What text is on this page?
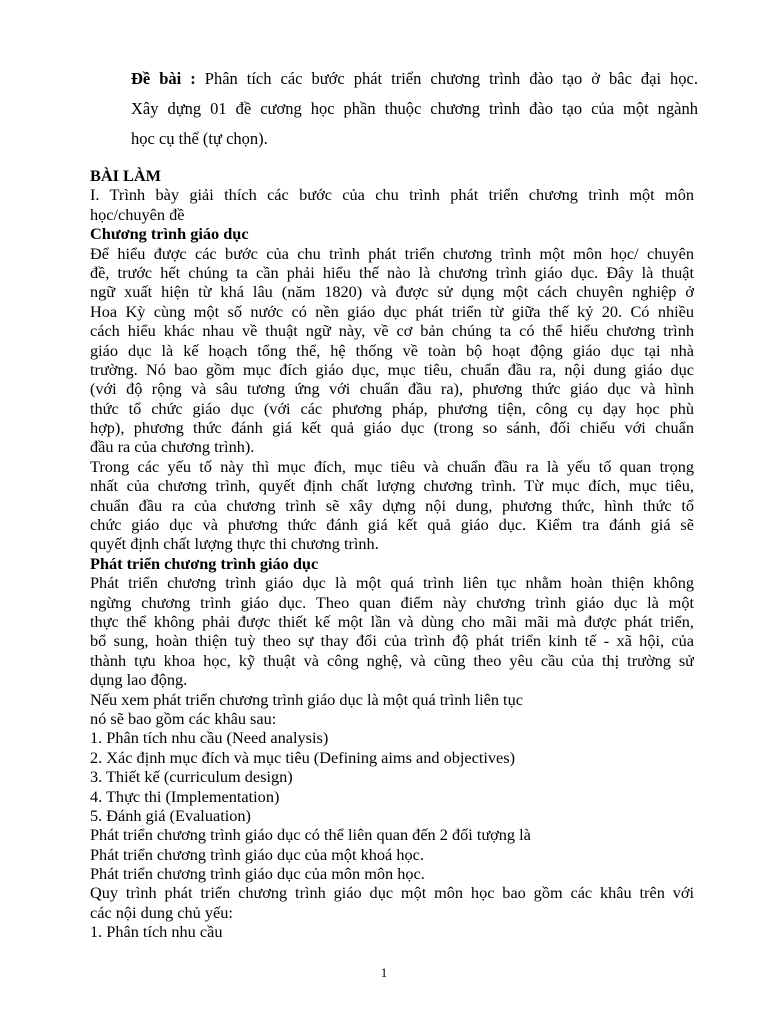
Đề bài : Phân tích các bước phát triển chương trình đào tạo ở bâc đại học.
Xây dựng 01 đề cương học phần thuộc chương trình đào tạo của một ngành
học cụ thể (tự chọn).
BÀI LÀM
I. Trình bày giải thích các bước của chu trình phát triển chương trình một môn
học/chuyên đề
Chương trình giáo dục
Để hiểu được các bước của chu trình phát triển chương trình một môn học/ chuyên
đề, trước hết chúng ta cần phải hiểu thế nào là chương trình giáo dục. Đây là thuật
ngữ xuất hiện từ khá lâu (năm 1820) và được sử dụng một cách chuyên nghiệp ở
Hoa Kỳ cùng một số nước có nền giáo dục phát triển từ giữa thế kỷ 20. Có nhiều
cách hiểu khác nhau về thuật ngữ này, về cơ bản chúng ta có thể hiểu chương trình
giáo dục là kế hoạch tổng thể, hệ thống về toàn bộ hoạt động giáo dục tại nhà
trường. Nó bao gồm mục đích giáo dục, mục tiêu, chuẩn đầu ra, nội dung giáo dục
(với độ rộng và sâu tương ứng với chuẩn đầu ra), phương thức giáo dục và hình
thức tổ chức giáo dục (với các phương pháp, phương tiện, công cụ dạy học phù
hợp), phương thức đánh giá kết quả giáo dục (trong so sánh, đối chiếu với chuẩn
đầu ra của chương trình).
Trong các yếu tố này thì mục đích, mục tiêu và chuẩn đầu ra là yếu tố quan trọng
nhất của chương trình, quyết định chất lượng chương trình. Từ mục đích, mục tiêu,
chuẩn đầu ra của chương trình sẽ xây dựng nội dung, phương thức, hình thức tổ
chức giáo dục và phương thức đánh giá kết quả giáo dục. Kiểm tra đánh giá sẽ
quyết định chất lượng thực thi chương trình.
Phát triển chương trình giáo dục
Phát triển chương trình giáo dục là một quá trình liên tục nhằm hoàn thiện không
ngừng chương trình giáo dục. Theo quan điểm này chương trình giáo dục là một
thực thể không phải được thiết kế một lần và dùng cho mãi mãi mà được phát triển,
bổ sung, hoàn thiện tuỳ theo sự thay đổi của trình độ phát triển kinh tế - xã hội, của
thành tựu khoa học, kỹ thuật và công nghệ, và cũng theo yêu cầu của thị trường sử
dụng lao động.
Nếu xem phát triển chương trình giáo dục là một quá trình liên tục
nó sẽ bao gồm các khâu sau:
1. Phân tích nhu cầu (Need analysis)
2. Xác định mục đích và mục tiêu (Defining aims and objectives)
3. Thiết kế (curriculum design)
4. Thực thi (Implementation)
5. Đánh giá (Evaluation)
Phát triển chương trình giáo dục có thể liên quan đến 2 đối tượng là
Phát triển chương trình giáo dục của một khoá học.
Phát triển chương trình giáo dục của môn môn học.
Quy trình phát triển chương trình giáo dục một môn học bao gồm các khâu trên với
các nội dung chủ yếu:
1. Phân tích nhu cầu
1
